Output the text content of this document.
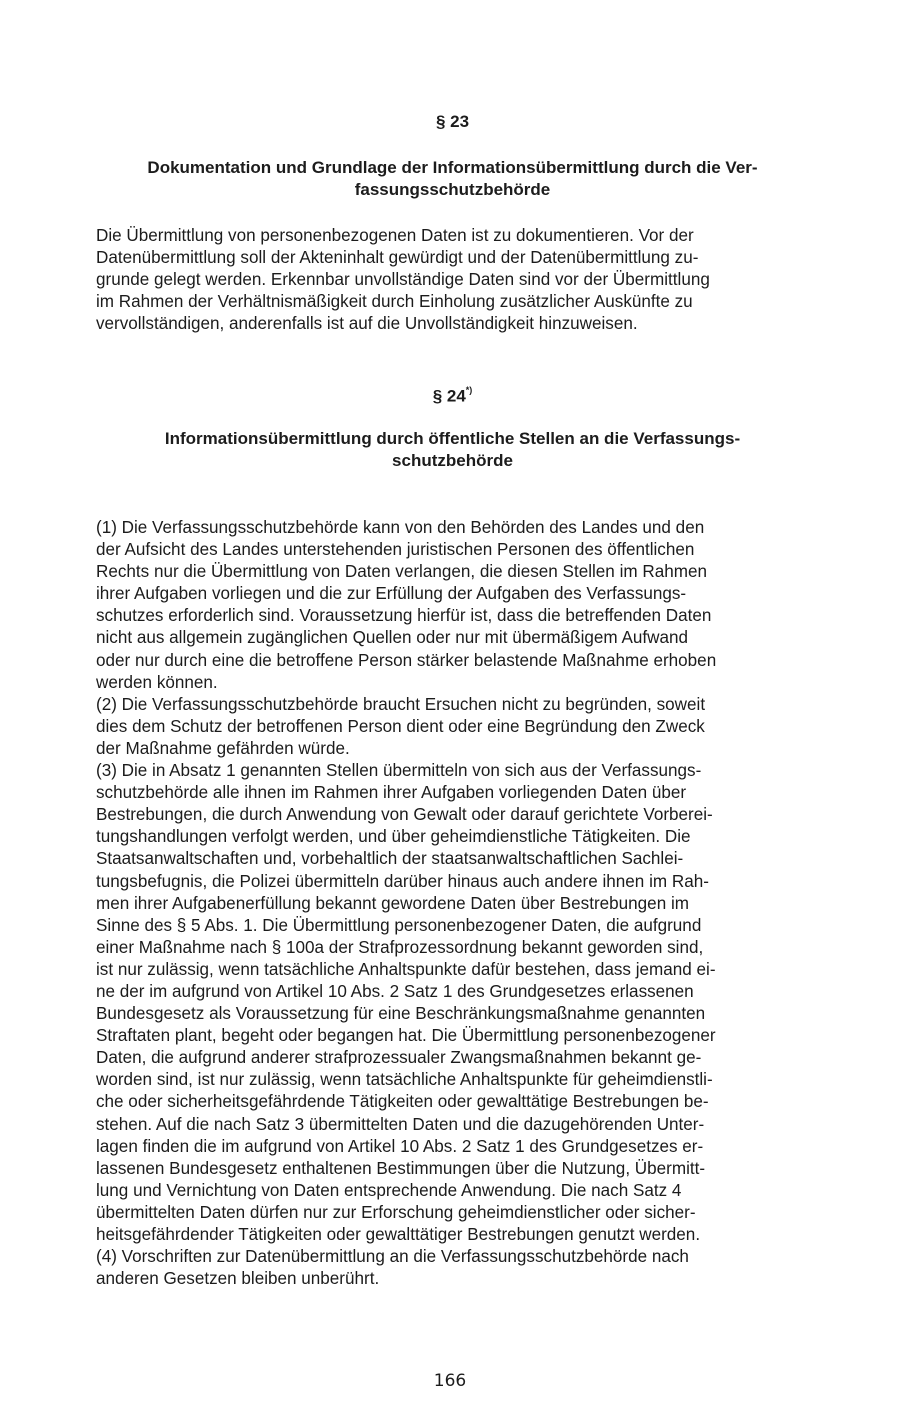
§ 23
Dokumentation und Grundlage der Informationsübermittlung durch die Ver-
fassungsschutzbehörde
Die Übermittlung von personenbezogenen Daten ist zu dokumentieren. Vor der
Datenübermittlung soll der Akteninhalt gewürdigt und der Datenübermittlung zu-
grunde gelegt werden. Erkennbar unvollständige Daten sind vor der Übermittlung
im Rahmen der Verhältnismäßigkeit durch Einholung zusätzlicher Auskünfte zu
vervollständigen, anderenfalls ist auf die Unvollständigkeit hinzuweisen.
§ 24*)
Informationsübermittlung durch öffentliche Stellen an die Verfassungs-
schutzbehörde
(1) Die Verfassungsschutzbehörde kann von den Behörden des Landes und den
der Aufsicht des Landes unterstehenden juristischen Personen des öffentlichen
Rechts nur die Übermittlung von Daten verlangen, die diesen Stellen im Rahmen
ihrer Aufgaben vorliegen und die zur Erfüllung der Aufgaben des Verfassungs-
schutzes erforderlich sind. Voraussetzung hierfür ist, dass die betreffenden Daten
nicht aus allgemein zugänglichen Quellen oder nur mit übermäßigem Aufwand
oder nur durch eine die betroffene Person stärker belastende Maßnahme erhoben
werden können.
(2) Die Verfassungsschutzbehörde braucht Ersuchen nicht zu begründen, soweit
dies dem Schutz der betroffenen Person dient oder eine Begründung den Zweck
der Maßnahme gefährden würde.
(3) Die in Absatz 1 genannten Stellen übermitteln von sich aus der Verfassungs-
schutzbehörde alle ihnen im Rahmen ihrer Aufgaben vorliegenden Daten über
Bestrebungen, die durch Anwendung von Gewalt oder darauf gerichtete Vorberei-
tungshandlungen verfolgt werden, und über geheimdienstliche Tätigkeiten. Die
Staatsanwaltschaften und, vorbehaltlich der staatsanwaltschaftlichen Sachlei-
tungsbefugnis, die Polizei übermitteln darüber hinaus auch andere ihnen im Rah-
men ihrer Aufgabenerfüllung bekannt gewordene Daten über Bestrebungen im
Sinne des § 5 Abs. 1. Die Übermittlung personenbezogener Daten, die aufgrund
einer Maßnahme nach § 100a der Strafprozessordnung bekannt geworden sind,
ist nur zulässig, wenn tatsächliche Anhaltspunkte dafür bestehen, dass jemand ei-
ne der im aufgrund von Artikel 10 Abs. 2 Satz 1 des Grundgesetzes erlassenen
Bundesgesetz als Voraussetzung für eine Beschränkungsmaßnahme genannten
Straftaten plant, begeht oder begangen hat. Die Übermittlung personenbezogener
Daten, die aufgrund anderer strafprozessualer Zwangsmaßnahmen bekannt ge-
worden sind, ist nur zulässig, wenn tatsächliche Anhaltspunkte für geheimdienstli-
che oder sicherheitsgefährdende Tätigkeiten oder gewalttätige Bestrebungen be-
stehen. Auf die nach Satz 3 übermittelten Daten und die dazugehörenden Unter-
lagen finden die im aufgrund von Artikel 10 Abs. 2 Satz 1 des Grundgesetzes er-
lassenen Bundesgesetz enthaltenen Bestimmungen über die Nutzung, Übermitt-
lung und Vernichtung von Daten entsprechende Anwendung. Die nach Satz 4
übermittelten Daten dürfen nur zur Erforschung geheimdienstlicher oder sicher-
heitsgefährdender Tätigkeiten oder gewalttätiger Bestrebungen genutzt werden.
(4) Vorschriften zur Datenübermittlung an die Verfassungsschutzbehörde nach
anderen Gesetzen bleiben unberührt.
166
